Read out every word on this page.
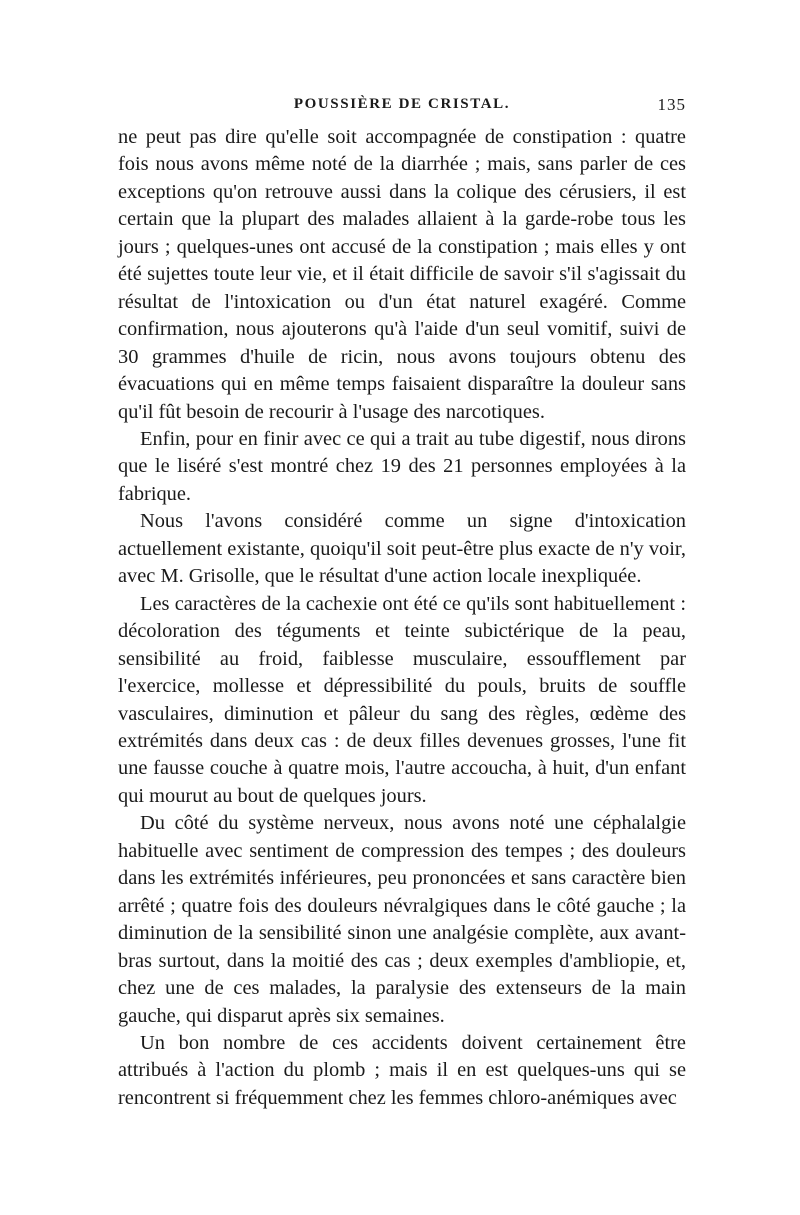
POUSSIÈRE DE CRISTAL.	135

ne peut pas dire qu'elle soit accompagnée de constipation : quatre fois nous avons même noté de la diarrhée ; mais, sans parler de ces exceptions qu'on retrouve aussi dans la colique des cérusiers, il est certain que la plupart des malades allaient à la garde-robe tous les jours ; quelques-unes ont accusé de la constipation ; mais elles y ont été sujettes toute leur vie, et il était difficile de savoir s'il s'agissait du résultat de l'intoxication ou d'un état naturel exagéré. Comme confirmation, nous ajouterons qu'à l'aide d'un seul vomitif, suivi de 30 grammes d'huile de ricin, nous avons toujours obtenu des évacuations qui en même temps faisaient disparaître la douleur sans qu'il fût besoin de recourir à l'usage des narcotiques.

Enfin, pour en finir avec ce qui a trait au tube digestif, nous dirons que le liséré s'est montré chez 19 des 21 personnes employées à la fabrique.

Nous l'avons considéré comme un signe d'intoxication actuellement existante, quoiqu'il soit peut-être plus exacte de n'y voir, avec M. Grisolle, que le résultat d'une action locale inexpliquée.

Les caractères de la cachexie ont été ce qu'ils sont habituellement : décoloration des téguments et teinte subictérique de la peau, sensibilité au froid, faiblesse musculaire, essoufflement par l'exercice, mollesse et dépressibilité du pouls, bruits de souffle vasculaires, diminution et pâleur du sang des règles, œdème des extrémités dans deux cas : de deux filles devenues grosses, l'une fit une fausse couche à quatre mois, l'autre accoucha, à huit, d'un enfant qui mourut au bout de quelques jours.

Du côté du système nerveux, nous avons noté une céphalalgie habituelle avec sentiment de compression des tempes ; des douleurs dans les extrémités inférieures, peu prononcées et sans caractère bien arrêté ; quatre fois des douleurs névralgiques dans le côté gauche ; la diminution de la sensibilité sinon une analgésie complète, aux avant-bras surtout, dans la moitié des cas ; deux exemples d'ambliopie, et, chez une de ces malades, la paralysie des extenseurs de la main gauche, qui disparut après six semaines.

Un bon nombre de ces accidents doivent certainement être attribués à l'action du plomb ; mais il en est quelques-uns qui se rencontrent si fréquemment chez les femmes chloro-anémiques avec
